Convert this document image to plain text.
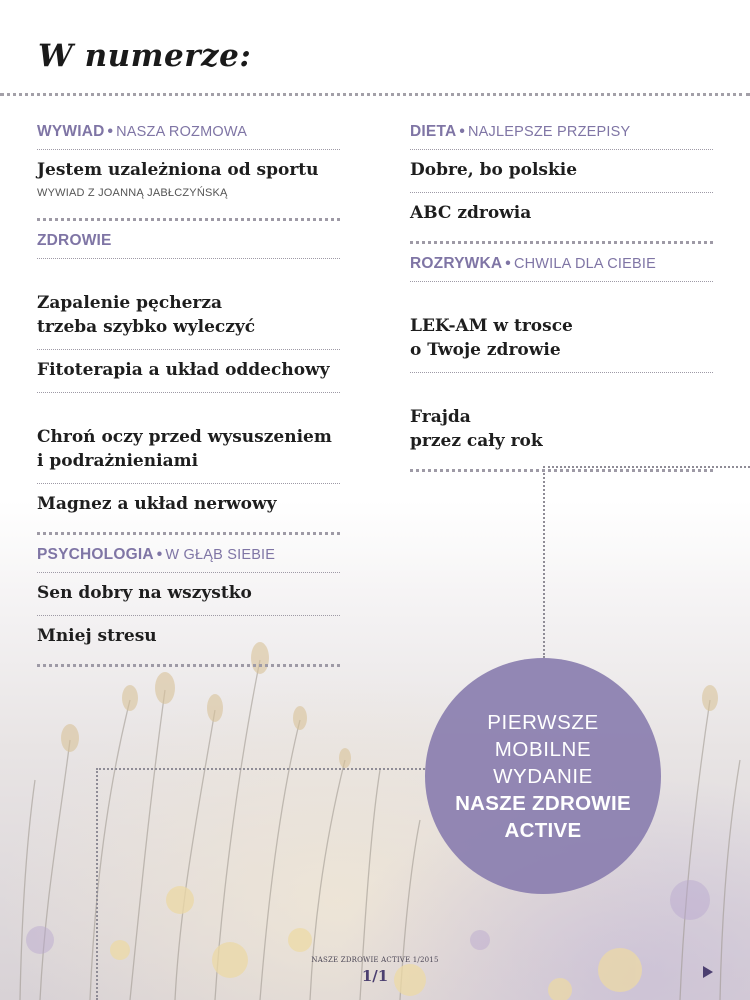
W numerze:
WYWIAD • NASZA ROZMOWA
Jestem uzależniona od sportu
WYWIAD Z JOANNĄ JABŁCZYŃSKĄ
ZDROWIE

Zapalenie pęcherza
trzeba szybko wyleczyć

Fitoterapia a układ oddechowy

Chroń oczy przed wysuszeniem
i podrażnieniami

Magnez a układ nerwowy
PSYCHOLOGIA • W GŁĄB SIEBIE
Sen dobry na wszystko
Mniej stresu
DIETA • NAJLEPSZE PRZEPISY
Dobre, bo polskie
ABC zdrowia
ROZRYWKA • CHWILA DLA CIEBIE

LEK-AM w trosce
o Twoje zdrowie

Frajda
przez cały rok

PIERWSZE
MOBILNE
WYDANIE
NASZE ZDROWIE
ACTIVE
NASZE ZDROWIE ACTIVE 1/2015
1/1
